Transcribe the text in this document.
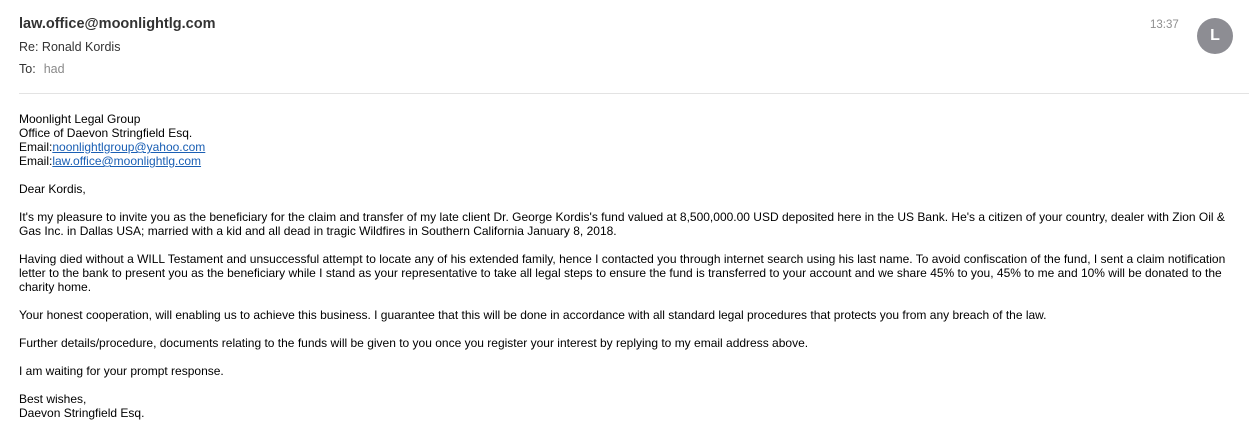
law.office@moonlightlg.com
Re: Ronald Kordis
To: had
13:37
L

Moonlight Legal Group
Office of Daevon Stringfield Esq.
Email:noonlightlgroup@yahoo.com
Email:law.office@moonlightlg.com

Dear Kordis,

It's my pleasure to invite you as the beneficiary for the claim and transfer of my late client Dr. George Kordis's fund valued at 8,500,000.00 USD deposited here in the US Bank. He's a citizen of your country, dealer with Zion Oil & Gas Inc. in Dallas USA; married with a kid and all dead in tragic Wildfires in Southern California January 8, 2018.

Having died without a WILL Testament and unsuccessful attempt to locate any of his extended family, hence I contacted you through internet search using his last name. To avoid confiscation of the fund, I sent a claim notification letter to the bank to present you as the beneficiary while I stand as your representative to take all legal steps to ensure the fund is transferred to your account and we share 45% to you, 45% to me and 10% will be donated to the charity home.

Your honest cooperation, will enabling us to achieve this business. I guarantee that this will be done in accordance with all standard legal procedures that protects you from any breach of the law.

Further details/procedure, documents relating to the funds will be given to you once you register your interest by replying to my email address above.

I am waiting for your prompt response.

Best wishes,
Daevon Stringfield Esq.
